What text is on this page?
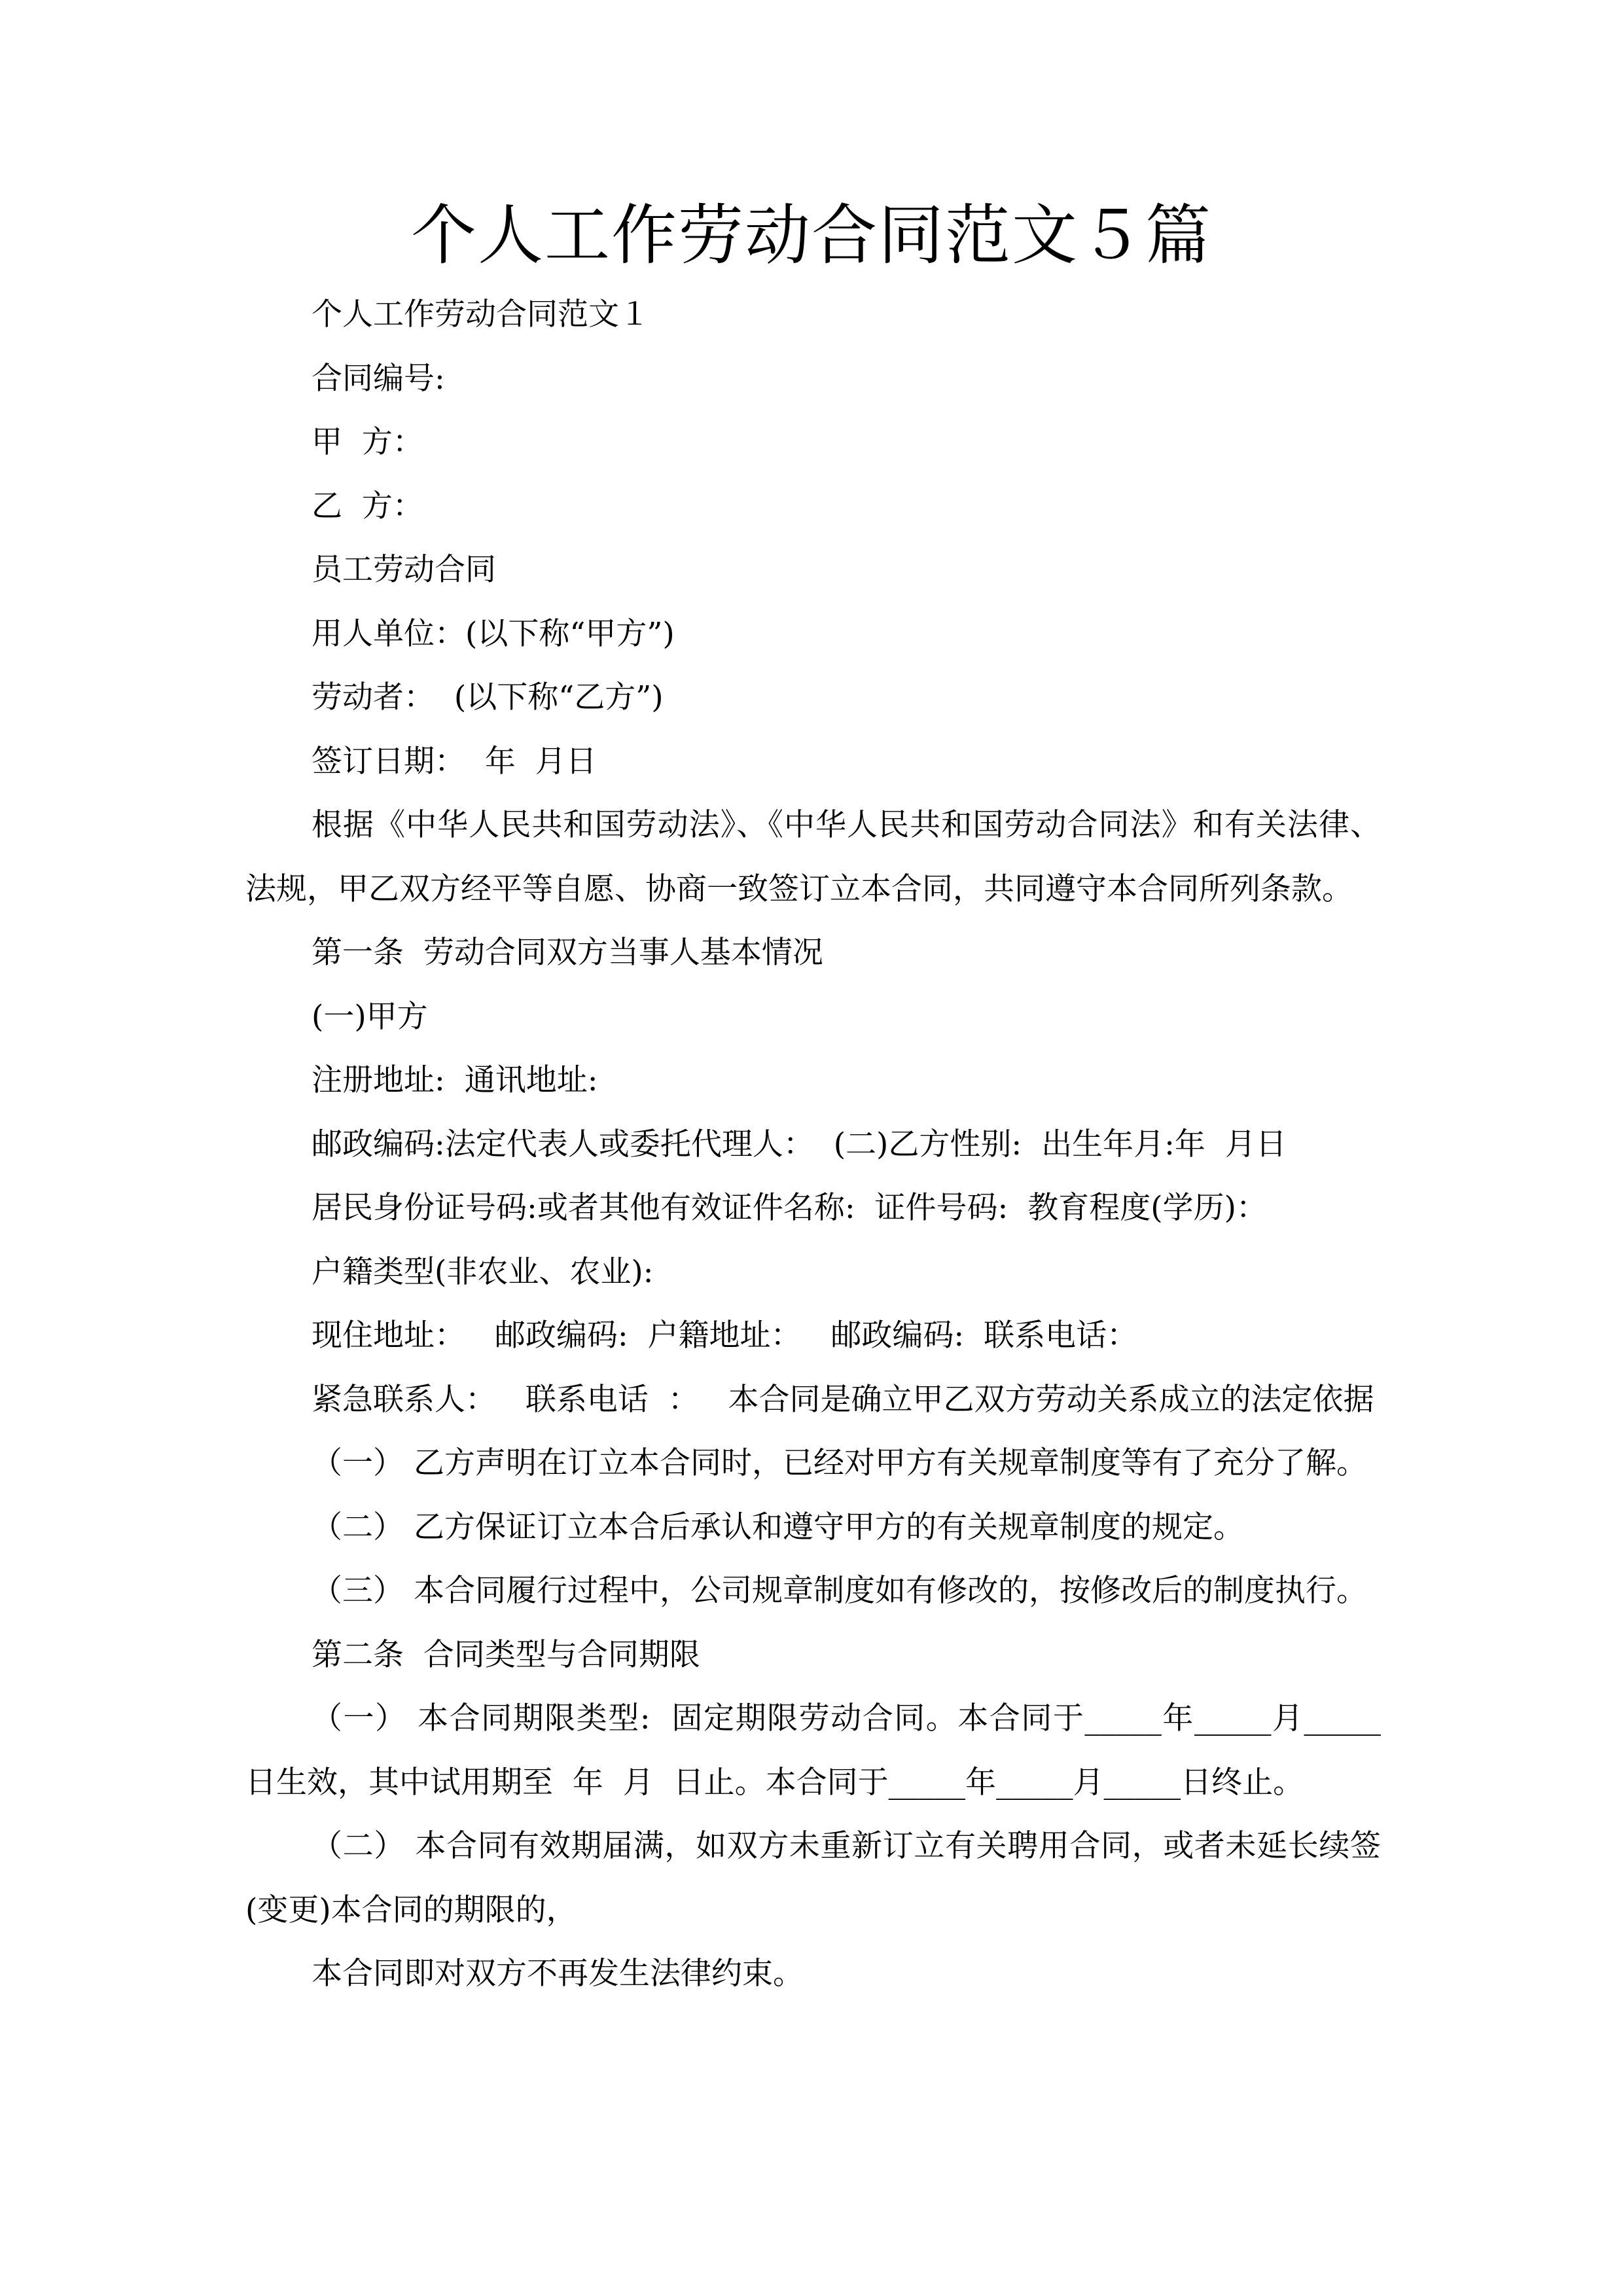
个人工作劳动合同范文５篇

个人工作劳动合同范文１

合同编号:

甲  方：

乙  方：

员工劳动合同

用人单位：(以下称“甲方”)

劳动者：  (以下称“乙方”)

签订日期：  年  月日

根据《中华人民共和国劳动法》、《中华人民共和国劳动合同法》和有关法律、法规，甲乙双方经平等自愿、协商一致签订立本合同，共同遵守本合同所列条款。

第一条  劳动合同双方当事人基本情况

(一)甲方

注册地址:  通讯地址:

邮政编码:法定代表人或委托代理人：  (二)乙方性别:  出生年月:年  月日

居民身份证号码:或者其他有效证件名称:  证件号码:  教育程度(学历)：

户籍类型(非农业、农业):

现住地址：   邮政编码:  户籍地址：   邮政编码:  联系电话：

紧急联系人：   联系电话  ：   本合同是确立甲乙双方劳动关系成立的法定依据

（一） 乙方声明在订立本合同时，已经对甲方有关规章制度等有了充分了解。

（二） 乙方保证订立本合后承认和遵守甲方的有关规章制度的规定。

（三） 本合同履行过程中，公司规章制度如有修改的，按修改后的制度执行。

第二条  合同类型与合同期限

（一） 本合同期限类型:  固定期限劳动合同。本合同于_____年_____月_____日生效，其中试用期至  年  月  日止。本合同于_____年_____月_____日终止。

（二） 本合同有效期届满，如双方未重新订立有关聘用合同，或者未延长续签(变更)本合同的期限的，

本合同即对双方不再发生法律约束。
